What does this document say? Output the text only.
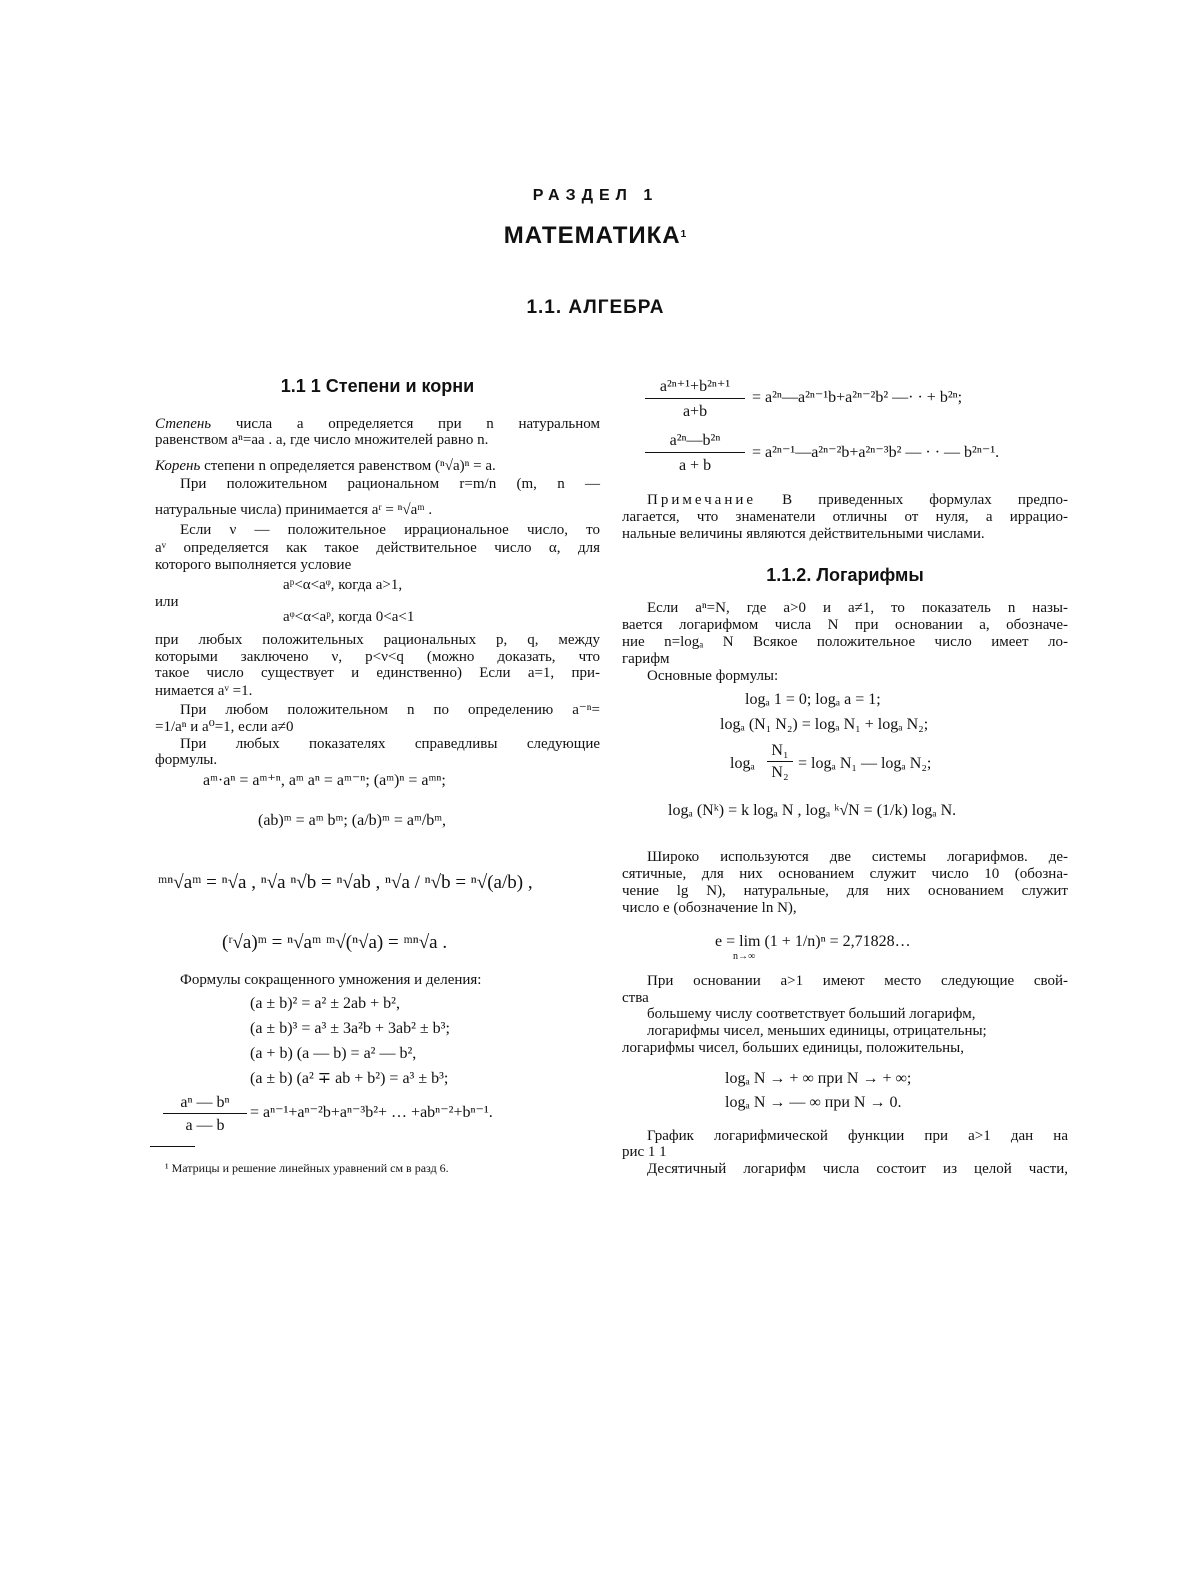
РАЗДЕЛ 1
МАТЕМАТИКА$^1$
1.1. АЛГЕБРА
1.1 1 Степени и корни
Степень числа a определяется при n натуральном
равенством aⁿ=aa . a, где число множителей равно n.
Корень степени n определяется равенством (ⁿ√a)ⁿ = a.
При положительном рациональном r=m/n (m, n —
натуральные числа) принимается aʳ = ⁿ√aᵐ .
Если ν — положительное иррациональное число, то
aᵛ определяется как такое действительное число α, для
которого выполняется условие
aᵖ<α<aᵠ, когда a>1,
или
aᵠ<α<aᵖ, когда 0<a<1
при любых положительных рациональных p, q, между
которыми заключено ν, p<ν<q (можно доказать, что
такое число существует и единственно) Если a=1, при-
нимается aᵛ =1.
При любом положительном n по определению a⁻ⁿ=
=1/aⁿ и a⁰=1, если a≠0
При любых показателях справедливы следующие
формулы.
aᵐ·aⁿ = aᵐ⁺ⁿ, aᵐ aⁿ = aᵐ⁻ⁿ; (aᵐ)ⁿ = aᵐⁿ;
(ab)ᵐ = aᵐ bᵐ; (a/b)ᵐ = aᵐ/bᵐ,
ᵐⁿ√aᵐ = ⁿ√a , ⁿ√a ⁿ√b = ⁿ√ab , ⁿ√a / ⁿ√b = ⁿ√(a/b) ,
(ʳ√a)ᵐ = ⁿ√aᵐ ᵐ√(ⁿ√a) = ᵐⁿ√a .
Формулы сокращенного умножения и деления:
(a ± b)² = a² ± 2ab + b²,
(a ± b)³ = a³ ± 3a²b + 3ab² ± b³;
(a + b) (a — b) = a² — b²,
(a ± b) (a² ∓ ab + b²) = a³ ± b³;
aⁿ — bⁿ
a — b
= aⁿ⁻¹+aⁿ⁻²b+aⁿ⁻³b²+ … +abⁿ⁻²+bⁿ⁻¹.
¹ Матрицы и решение линейных уравнений см в разд 6.
a²ⁿ⁺¹+b²ⁿ⁺¹
a+b
= a²ⁿ—a²ⁿ⁻¹b+a²ⁿ⁻²b² —· · + b²ⁿ;
a²ⁿ—b²ⁿ
a + b
= a²ⁿ⁻¹—a²ⁿ⁻²b+a²ⁿ⁻³b² — · · — b²ⁿ⁻¹.
Примечание В приведенных формулах предпо-
лагается, что знаменатели отличны от нуля, а иррацио-
нальные величины являются действительными числами.
1.1.2. Логарифмы
Если aⁿ=N, где a>0 и a≠1, то показатель n назы-
вается логарифмом числа N при основании a, обозначе-
ние n=logₐ N Всякое положительное число имеет ло-
гарифм
Основные формулы:
logₐ 1 = 0; logₐ a = 1;
logₐ (N₁ N₂) = logₐ N₁ + logₐ N₂;
logₐ
N₁
N₂
= logₐ N₁ — logₐ N₂;
logₐ (Nᵏ) = k logₐ N , logₐ ᵏ√N = (1/k) logₐ N.
Широко используются две системы логарифмов. де-
сятичные, для них основанием служит число 10 (обозна-
чение lg N), натуральные, для них основанием служит
число e (обозначение ln N),
e = lim (1 + 1/n)ⁿ = 2,71828…
n→∞
При основании a>1 имеют место следующие свой-
ства
большему числу соответствует больший логарифм,
логарифмы чисел, меньших единицы, отрицательны;
логарифмы чисел, больших единицы, положительны,
logₐ N → + ∞ при N → + ∞;
logₐ N → — ∞ при N → 0.
График логарифмической функции при a>1 дан на
рис 1 1
Десятичный логарифм числа состоит из целой части,
